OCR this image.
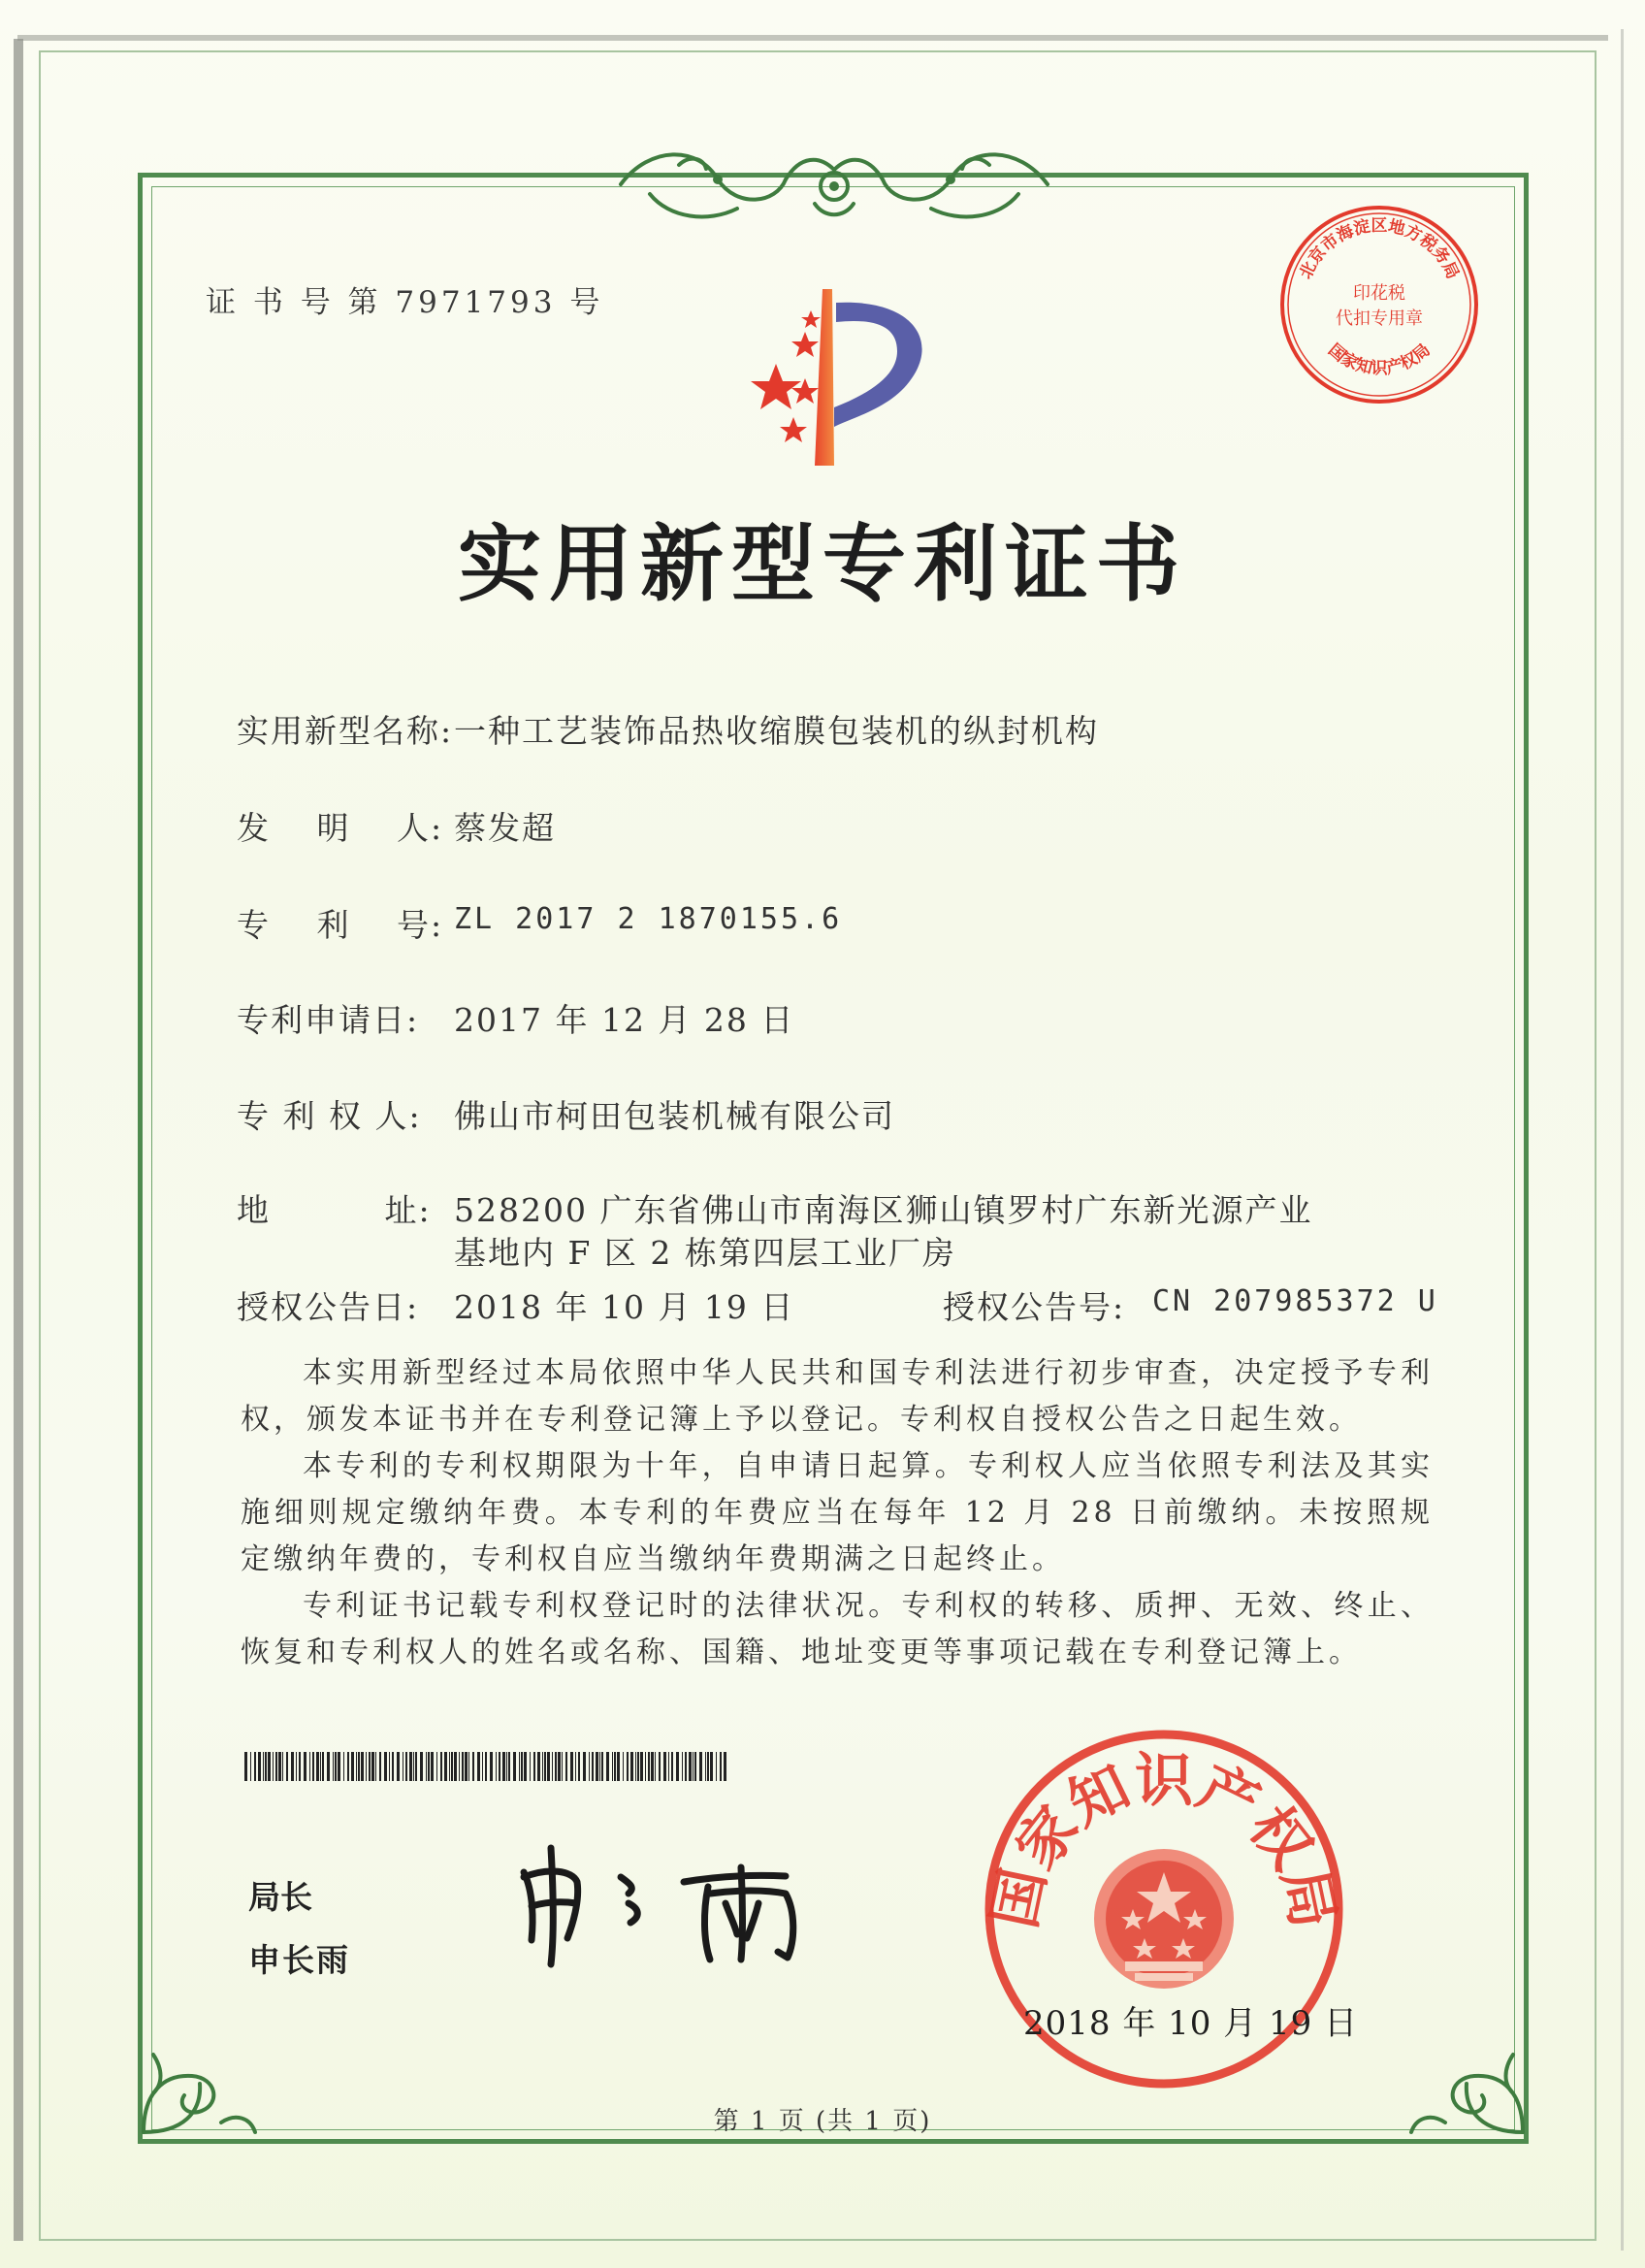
证 书 号 第 7971793 号
北京市海淀区地方税务局
印花税
代扣专用章
国家知识产权局
实用新型专利证书
实用新型名称: 一种工艺装饰品热收缩膜包装机的纵封机构
发　 明　 人: 蔡发超
专　 利　 号: ZL 2017 2 1870155.6
专利申请日: 2017 年 12 月 28 日
专 利 权 人: 佛山市柯田包装机械有限公司
地　　　 址: 528200 广东省佛山市南海区狮山镇罗村广东新光源产业
基地内 F 区 2 栋第四层工业厂房
授权公告日: 2018 年 10 月 19 日	授权公告号: CN 207985372 U

本实用新型经过本局依照中华人民共和国专利法进行初步审查，决定授予专利权，颁发本证书并在专利登记簿上予以登记。专利权自授权公告之日起生效。

本专利的专利权期限为十年，自申请日起算。专利权人应当依照专利法及其实施细则规定缴纳年费。本专利的年费应当在每年 12 月 28 日前缴纳。未按照规定缴纳年费的，专利权自应当缴纳年费期满之日起终止。

专利证书记载专利权登记时的法律状况。专利权的转移、质押、无效、终止、恢复和专利权人的姓名或名称、国籍、地址变更等事项记载在专利登记簿上。

局长
申长雨
国家知识产权局
2018 年 10 月 19 日
第 1 页 (共 1 页)
